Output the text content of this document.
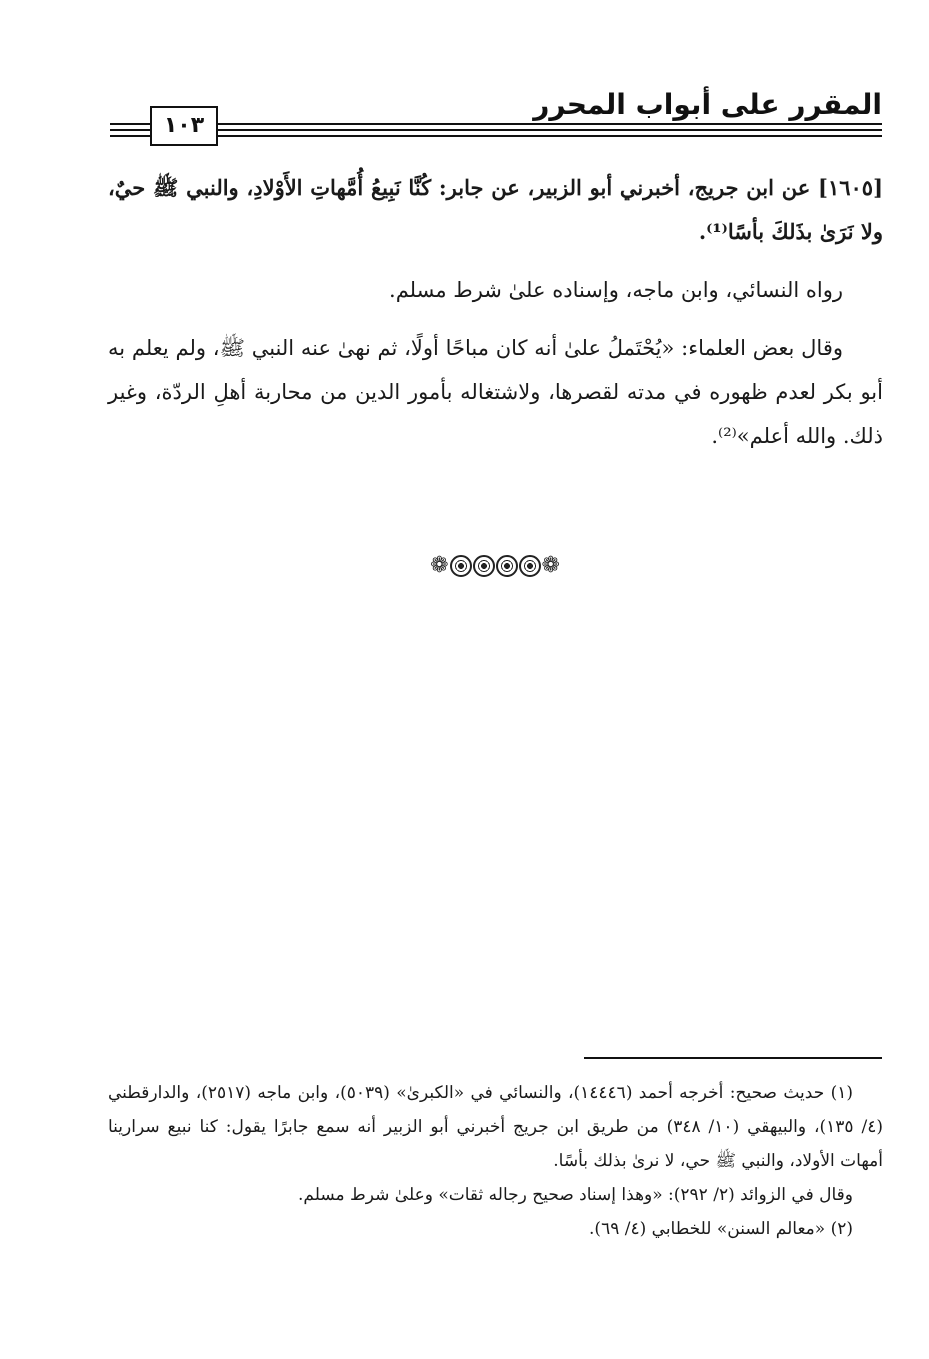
المقرر على أبواب المحرر
١٠٣

[١٦٠٥] عن ابن جريج، أخبرني أبو الزبير، عن جابر: كُنَّا نَبِيعُ أُمَّهاتِ الأَوْلادِ، والنبي ﷺ حيٌ، ولا نَرَىٰ بذَلكَ بأسًا⁽¹⁾.

رواه النسائي، وابن ماجه، وإسناده علىٰ شرط مسلم.

وقال بعض العلماء: «يُحْتَملُ علىٰ أنه كان مباحًا أولًا، ثم نهىٰ عنه النبي ﷺ، ولم يعلم به أبو بكر لعدم ظهوره في مدته لقصرها، ولاشتغاله بأمور الدين من محاربة أهلِ الردّة، وغير ذلك. والله أعلم»⁽²⁾.

❁	❁

(١) حديث صحيح: أخرجه أحمد (١٤٤٤٦)، والنسائي في «الكبرىٰ» (٥٠٣٩)، وابن ماجه (٢٥١٧)، والدارقطني (٤/ ١٣٥)، والبيهقي (١٠/ ٣٤٨) من طريق ابن جريج أخبرني أبو الزبير أنه سمع جابرًا يقول: كنا نبيع سرارينا أمهات الأولاد، والنبي ﷺ حي، لا نرىٰ بذلك بأسًا.

وقال في الزوائد (٢/ ٢٩٢): «وهذا إسناد صحيح رجاله ثقات» وعلىٰ شرط مسلم.

(٢) «معالم السنن» للخطابي (٤/ ٦٩).
